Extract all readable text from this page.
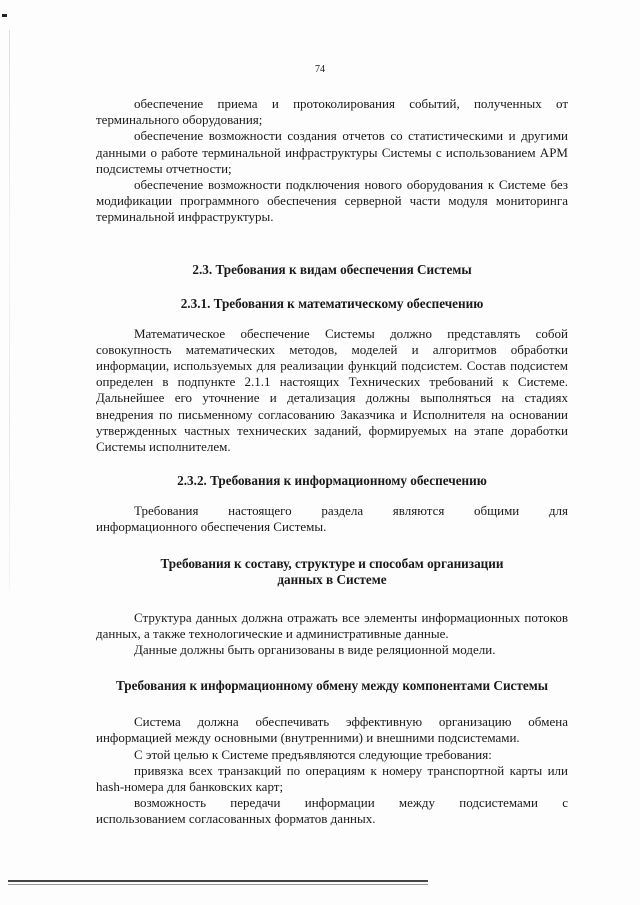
74

обеспечение приема и протоколирования событий, полученных от терминального оборудования;

обеспечение возможности создания отчетов со статистическими и другими данными о работе терминальной инфраструктуры Системы с использованием АРМ подсистемы отчетности;

обеспечение возможности подключения нового оборудования к Системе без модификации программного обеспечения серверной части модуля мониторинга терминальной инфраструктуры.

2.3. Требования к видам обеспечения Системы
2.3.1. Требования к математическому обеспечению

Математическое обеспечение Системы должно представлять собой совокупность математических методов, моделей и алгоритмов обработки информации, используемых для реализации функций подсистем. Состав подсистем определен в подпункте 2.1.1 настоящих Технических требований к Системе. Дальнейшее его уточнение и детализация должны выполняться на стадиях внедрения по письменному согласованию Заказчика и Исполнителя на основании утвержденных частных технических заданий, формируемых на этапе доработки Системы исполнителем.

2.3.2. Требования к информационному обеспечению

Требования настоящего раздела являются общими для

информационного обеспечения Системы.

Требования к составу, структуре и способам организации
данных в Системе

Структура данных должна отражать все элементы информационных потоков данных, а также технологические и административные данные.

Данные должны быть организованы в виде реляционной модели.

Требования к информационному обмену между компонентами Системы

Система должна обеспечивать эффективную организацию обмена информацией между основными (внутренними) и внешними подсистемами.

С этой целью к Системе предъявляются следующие требования:

привязка всех транзакций по операциям к номеру транспортной карты или hash-номера для банковских карт;

возможность передачи информации между подсистемами с

использованием согласованных форматов данных.
